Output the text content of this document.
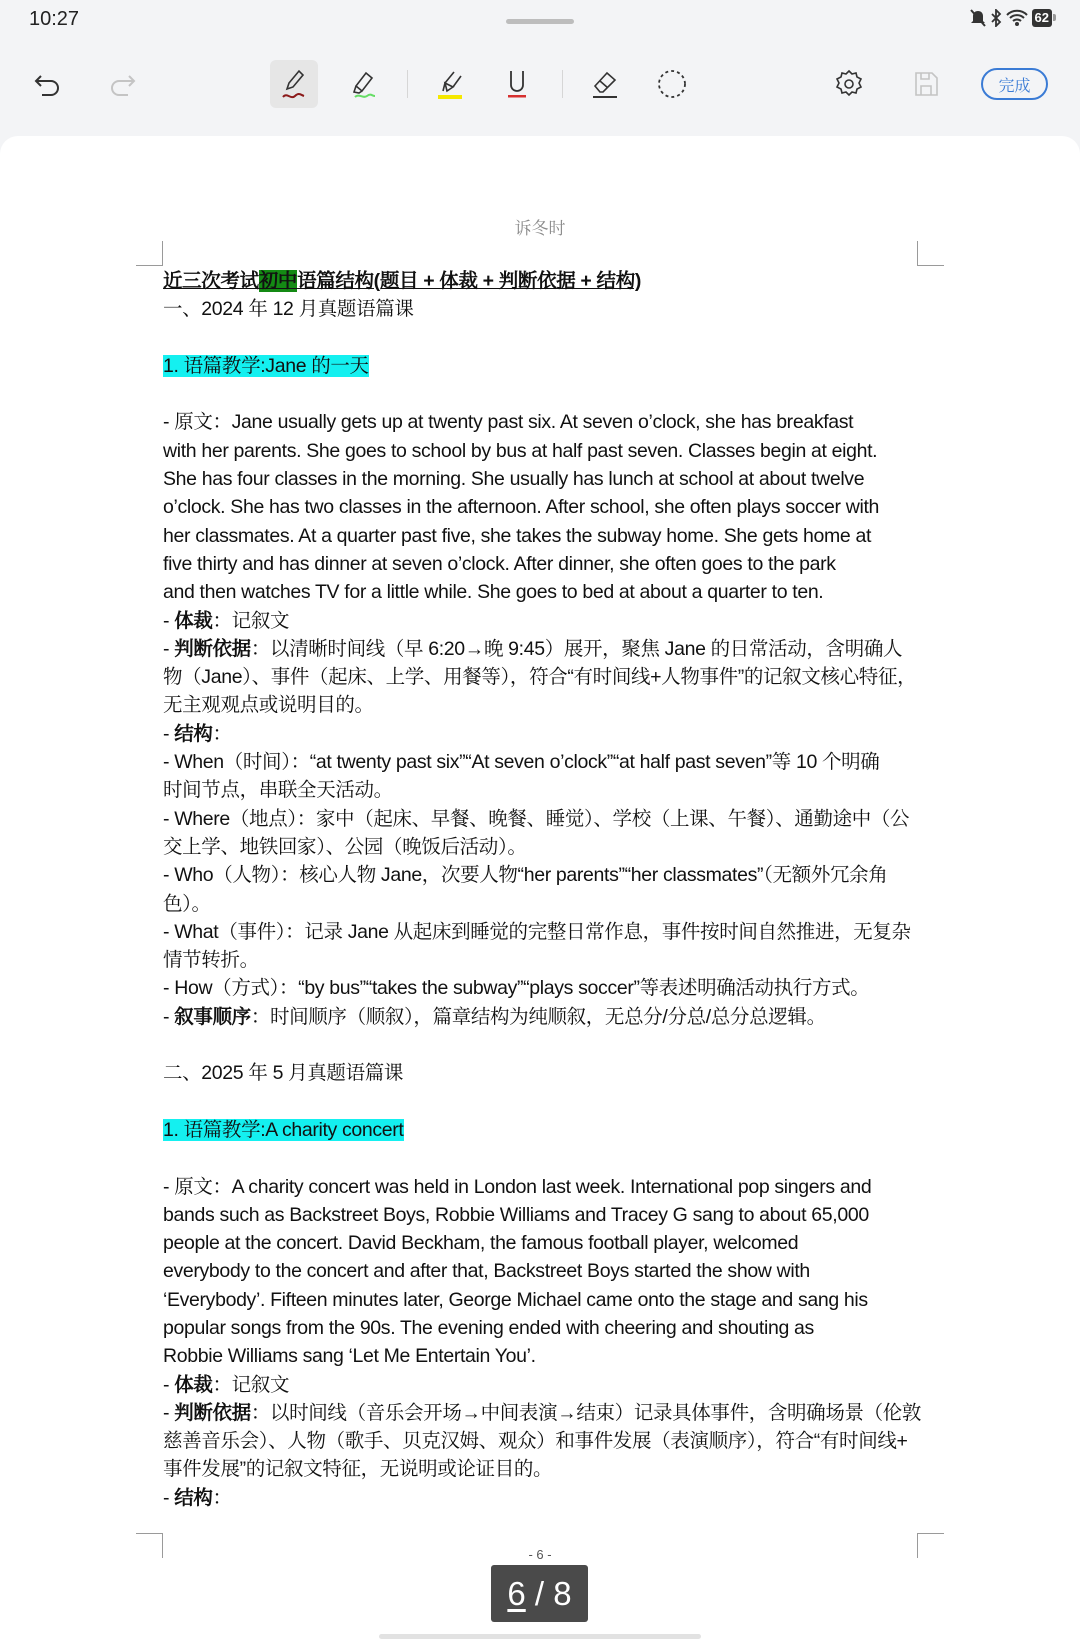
10:27	62
完成
诉冬时
近三次考试初中语篇结构(题目 + 体裁 + 判断依据 + 结构)
一、2024 年 12 月真题语篇课
1. 语篇教学:Jane 的一天
- 原文：Jane usually gets up at twenty past six. At seven o’clock, she has breakfast
with her parents. She goes to school by bus at half past seven. Classes begin at eight.
She has four classes in the morning. She usually has lunch at school at about twelve
o’clock. She has two classes in the afternoon. After school, she often plays soccer with
her classmates. At a quarter past five, she takes the subway home. She gets home at
five thirty and has dinner at seven o’clock. After dinner, she often goes to the park
and then watches TV for a little while. She goes to bed at about a quarter to ten.
- 体裁：记叙文
- 判断依据：以清晰时间线（早 6:20→晚 9:45）展开，聚焦 Jane 的日常活动，含明确人
物（Jane）、事件（起床、上学、用餐等），符合“有时间线+人物事件”的记叙文核心特征，
无主观观点或说明目的。
- 结构：
- When（时间）：“at twenty past six”“At seven o’clock”“at half past seven”等 10 个明确
时间节点，串联全天活动。
- Where（地点）：家中（起床、早餐、晚餐、睡觉）、学校（上课、午餐）、通勤途中（公
交上学、地铁回家）、公园（晚饭后活动）。
- Who（人物）：核心人物 Jane，次要人物“her parents”“her classmates”（无额外冗余角
色）。
- What（事件）：记录 Jane 从起床到睡觉的完整日常作息，事件按时间自然推进，无复杂
情节转折。
- How（方式）：“by bus”“takes the subway”“plays soccer”等表述明确活动执行方式。
- 叙事顺序：时间顺序（顺叙），篇章结构为纯顺叙，无总分/分总/总分总逻辑。
二、2025 年 5 月真题语篇课
1. 语篇教学:A charity concert
- 原文：A charity concert was held in London last week. International pop singers and
bands such as Backstreet Boys, Robbie Williams and Tracey G sang to about 65,000
people at the concert. David Beckham, the famous football player, welcomed
everybody to the concert and after that, Backstreet Boys started the show with
‘Everybody’. Fifteen minutes later, George Michael came onto the stage and sang his
popular songs from the 90s. The evening ended with cheering and shouting as
Robbie Williams sang ‘Let Me Entertain You’.
- 体裁：记叙文
- 判断依据：以时间线（音乐会开场→中间表演→结束）记录具体事件，含明确场景（伦敦
慈善音乐会）、人物（歌手、贝克汉姆、观众）和事件发展（表演顺序），符合“有时间线+
事件发展”的记叙文特征，无说明或论证目的。
- 结构：
- 6 -
6
/
8
